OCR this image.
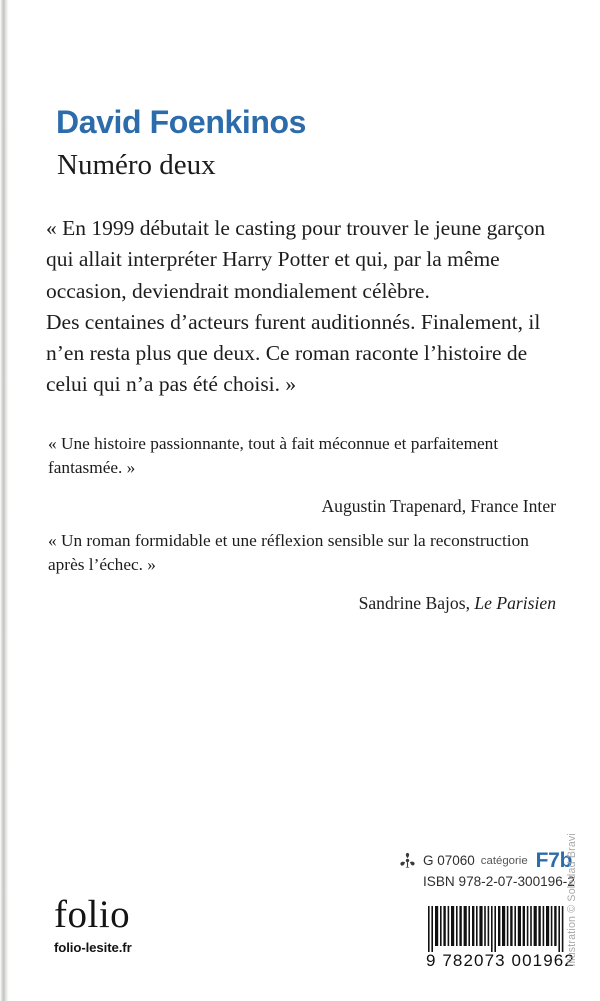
David Foenkinos
Numéro deux

« En 1999 débutait le casting pour trouver le jeune garçon qui allait interpréter Harry Potter et qui, par la même occasion, deviendrait mondialement célèbre.

Des centaines d’acteurs furent auditionnés. Finalement, il n’en resta plus que deux. Ce roman raconte l’histoire de celui qui n’a pas été choisi. »

« Une histoire passionnante, tout à fait méconnue et parfaitement fantasmée. »

Augustin Trapenard, France Inter

« Un roman formidable et une réflexion sensible sur la reconstruction après l’échec. »

Sandrine Bajos, Le Parisien
folio
folio-lesite.fr
G 07060 catégorie F7b
ISBN 978-2-07-300196-2
9 782073 001962
Illustration © Soledad Bravi
